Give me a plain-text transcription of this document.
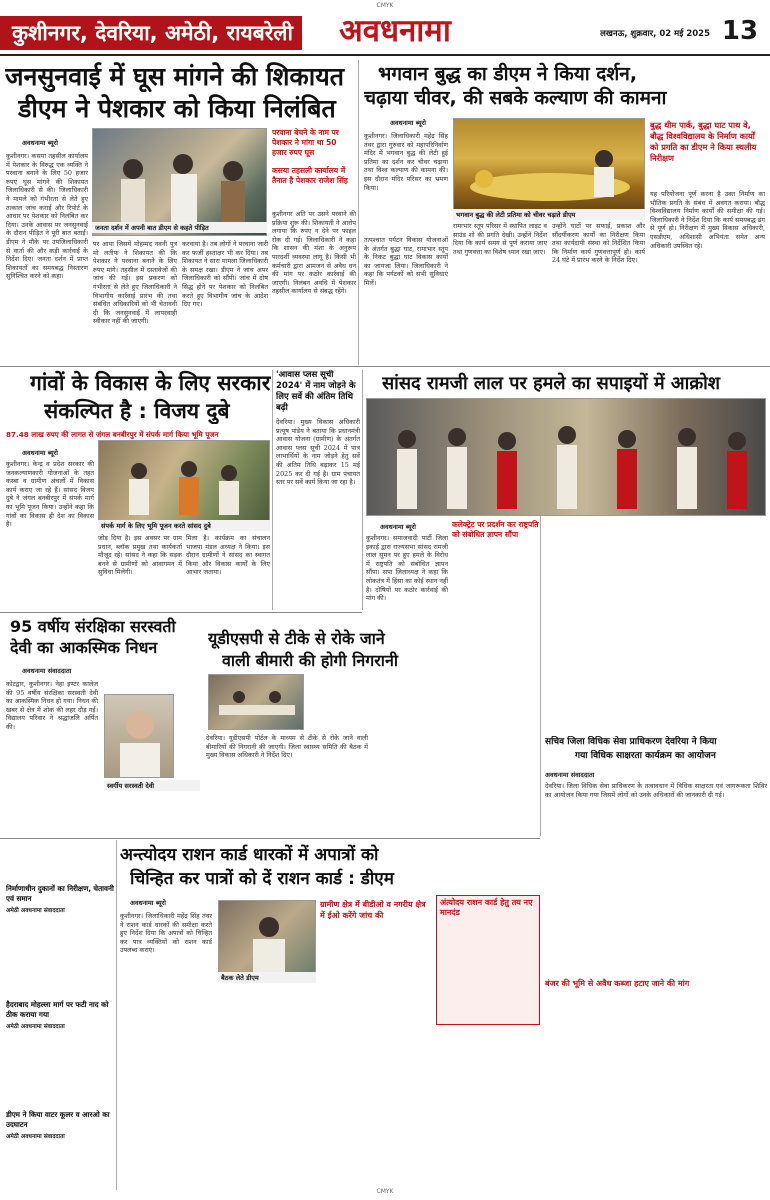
CMYK
कुशीनगर, देवरिया, अमेठी, रायबरेली	अवधनामा	लखनऊ, शुक्रवार, 02 मई 2025 13
जनसुनवाई में घूस मांगने की शिकायत
डीएम ने पेशकार को किया निलंबित
अवधनामा ब्यूरो
कुशीनगर। कसया तहसील कार्यालय में पेशकार के विरुद्ध एक व्यक्ति ने परवाना बनाने के लिए 50 हजार रुपए घूस मांगने की शिकायत जिलाधिकारी से की। जिलाधिकारी ने मामले को गंभीरता से लेते हुए तत्काल जांच कराई और रिपोर्ट के आधार पर पेशकार को निलंबित कर दिया। उनके आवास पर जनसुनवाई के दौरान पीड़ित ने पूरी बात बताई। डीएम ने मौके पर उपजिलाधिकारी से वार्ता की और कड़ी कार्रवाई के निर्देश दिए। जनता दर्शन में प्राप्त शिकायतों का समयबद्ध निस्तारण सुनिश्चित करने को कहा।
जनता दर्शन में अपनी बात डीएम से कहते पीड़ित
पर आया जिसमें मोहम्मद नवनी पुत्र मो लतीफ ने शिकायत की कि पेशकार ने परवाना बनाने के लिए रुपए मांगे। तहसील में दस्तावेजों की जांच की गई। इस प्रकरण को गंभीरता से लेते हुए जिलाधिकारी ने विभागीय कार्रवाई प्रारंभ की तथा संबंधित अधिकारियों को भी चेतावनी दी कि जनसुनवाई में लापरवाही स्वीकार नहीं की जाएगी।
करवाया है। तब लोगों ने परवाना जारी कर फर्जी हस्ताक्षर भी कर दिया। तब शिकायत ने सारा मामला जिलाधिकारी के समक्ष रखा। डीएम ने जांच अपर जिलाधिकारी को सौंपी। जांच में दोष सिद्ध होने पर पेशकार को निलंबित करते हुए विभागीय जांच के आदेश दिए गए।
परवाना बेचने के नाम पर पेशकार ने मांगा था 50 हजार रुपए घूस
कसया तहसली कार्यालय में तैनात है पेशकार राजेश सिंह
कुशीनगर अति पर उसने परवाने की प्रक्रिया शुरू की। शिकायती ने आरोप लगाया कि रुपए न देने पर फाइल रोक दी गई। जिलाधिकारी ने कहा कि शासन की मंशा के अनुरूप पारदर्शी व्यवस्था लागू है। किसी भी कर्मचारी द्वारा आमजन से अवैध धन की मांग पर कठोर कार्रवाई की जाएगी। निलंबन अवधि में पेशकार तहसील कार्यालय से संबद्ध रहेंगे।
भगवान बुद्ध का डीएम ने किया दर्शन,
चढ़ाया चीवर, की सबके कल्याण की कामना
अवधनामा ब्यूरो
कुशीनगर। जिलाधिकारी महेंद्र सिंह तंवर द्वारा गुरुवार को महापरिनिर्वाण मंदिर में भगवान बुद्ध की लेटी हुई प्रतिमा का दर्शन कर चीवर चढ़ाया तथा विश्व कल्याण की कामना की। इस दौरान मंदिर परिसर का भ्रमण किया।
भगवान बुद्ध की लेटी प्रतिमा को चीवर चढ़ाते डीएम
तत्पश्चात पर्यटन विकास योजनाओं के अंतर्गत बुद्धा घाट, रामाभार स्तूप के निकट बुद्धा घाट विकास कार्यों का जायजा लिया। जिलाधिकारी ने कहा कि पर्यटकों को सभी सुविधाएं मिलें।
रामाभार स्तूप परिसर में स्थापित लाइट व साउंड शो की प्रगति देखी। उन्होंने निर्देश दिया कि कार्य समय से पूर्ण कराया जाए तथा गुणवत्ता का विशेष ध्यान रखा जाए।
उन्होंने घाटों पर सफाई, प्रकाश और सौंदर्यीकरण कार्यों का निरीक्षण किया तथा कार्यदायी संस्था को निर्देशित किया कि निर्माण कार्य गुणवत्तापूर्ण हो। कार्य 24 घंटे में प्रारंभ करने के निर्देश दिए।
बुद्ध थीम पार्क, बुद्धा घाट पाथ वे, बौद्ध विश्वविद्यालय के निर्माण कार्यों को प्रगति का डीएम ने किया स्थलीय निरीक्षण
यह परियोजना पूर्ण करना है उक्त निर्माण का भौतिक प्रगति के संबंध में अवगत कराया। बौद्ध विश्वविद्यालय निर्माण कार्यों की समीक्षा की गई। जिलाधिकारी ने निर्देश दिया कि कार्य समयबद्ध ढंग से पूर्ण हो। निरीक्षण में मुख्य विकास अधिकारी, एसडीएम, अधिशासी अभियंता समेत अन्य अधिकारी उपस्थित रहे।
गांवों के विकास के लिए सरकार
संकल्पित है : विजय दुबे
87.48 लाख रुपए की लागत से जंगल बनबीरपुर में संपर्क मार्ग किया भूमि पूजन
अवधनामा ब्यूरो
कुशीनगर। केन्द्र व प्रदेश सरकार की जनकल्याणकारी योजनाओं के तहत कस्बा व ग्रामीण अंचलों में विकास कार्य कराए जा रहे हैं। सांसद विजय दुबे ने जंगल बनबीरपुर में संपर्क मार्ग का भूमि पूजन किया। उन्होंने कहा कि गांवों का विकास ही देश का विकास है।	संपर्क मार्ग के लिए भूमि पूजन करते सांसद दुबे
जोड़ दिया है। इस अवसर पर ग्राम प्रधान, ब्लॉक प्रमुख तथा कार्यकर्ता मौजूद रहे। सांसद ने कहा कि सड़क बनने से ग्रामीणों को आवागमन में सुविधा मिलेगी।
मिला है। कार्यक्रम का संचालन भाजपा मंडल अध्यक्ष ने किया। इस दौरान ग्रामीणों ने सांसद का स्वागत किया और विकास कार्यों के लिए आभार जताया।
'आवास प्लस सूची 2024' में नाम जोड़ने के लिए सर्वे की अंतिम तिथि बढ़ी
देवरिया। मुख्य विकास अधिकारी प्रत्यूष पांडेय ने बताया कि प्रधानमंत्री आवास योजना (ग्रामीण) के अंतर्गत आवास प्लस सूची 2024 में पात्र लाभार्थियों के नाम जोड़ने हेतु सर्वे की अंतिम तिथि बढ़ाकर 15 मई 2025 कर दी गई है। ग्राम पंचायत स्तर पर सर्वे कार्य किया जा रहा है।
सांसद रामजी लाल पर हमले का सपाइयों में आक्रोश
अवधनामा ब्यूरो
कुशीनगर। समाजवादी पार्टी जिला इकाई द्वारा राज्यसभा सांसद रामजी लाल सुमन पर हुए हमले के विरोध में राष्ट्रपति को संबोधित ज्ञापन सौंपा। सपा जिलाध्यक्ष ने कहा कि लोकतंत्र में हिंसा का कोई स्थान नहीं है। दोषियों पर कठोर कार्रवाई की मांग की।
कलेक्ट्रेट पर प्रदर्शन कर राष्ट्रपति को संबोधित ज्ञापन सौंपा
95 वर्षीय संरक्षिका सरस्वती देवी का आकस्मिक निधन
अवधनामा संवाददाता
कोटद्वार, कुशीनगर। नेहा इण्टर कालेज की 95 वर्षीय संरक्षिका सरस्वती देवी का आकस्मिक निधन हो गया। निधन की खबर से क्षेत्र में शोक की लहर दौड़ गई। विद्यालय परिवार ने श्रद्धांजलि अर्पित की।
स्वर्गीय सरस्वती देवी
यूडीएसपी से टीके से रोके जाने
वाली बीमारी की होगी निगरानी
देवरिया। यूडीएसपी पोर्टल के माध्यम से टीके से रोके जाने वाली बीमारियों की निगरानी की जाएगी। जिला स्वास्थ्य समिति की बैठक में मुख्य विकास अधिकारी ने निर्देश दिए।
सचिव जिला विधिक सेवा प्राधिकरण देवरिया ने किया
गया विधिक साक्षरता कार्यक्रम का आयोजन
अवधनामा संवाददाता
देवरिया। जिला विधिक सेवा प्राधिकरण के तत्वावधान में विधिक साक्षरता एवं जागरूकता शिविर का आयोजन किया गया जिसमें लोगों को उनके अधिकारों की जानकारी दी गई।
बंजर की भूमि से अवैध कब्जा हटाए जाने की मांग
अन्त्योदय राशन कार्ड धारकों में अपात्रों को
चिन्हित कर पात्रों को दें राशन कार्ड : डीएम
अवधनामा ब्यूरो
कुशीनगर। जिलाधिकारी महेंद्र सिंह तंवर ने राशन कार्ड धारकों की समीक्षा करते हुए निर्देश दिया कि अपात्रों को चिन्हित कर पात्र व्यक्तियों को राशन कार्ड उपलब्ध कराएं।
बैठक लेते डीएम
ग्रामीण क्षेत्र में बीडीओ व नगरीय क्षेत्र में ईओ करेंगे जांच की
अंत्योदय राशन कार्ड हेतु तय नए मानदंड
निर्माणाधीन दुकानों का निरीक्षण, चेतावनी एवं समान
अमेठी अवधनामा संवाददाता
हैदराबाद मोहल्ला मार्ग पर फटी नाद को ठीक कराया गया
अमेठी अवधनामा संवाददाता
डीएम ने किया वाटर कूलर व आरओ का उदघाटन
अमेठी अवधनामा संवाददाता
CMYK
